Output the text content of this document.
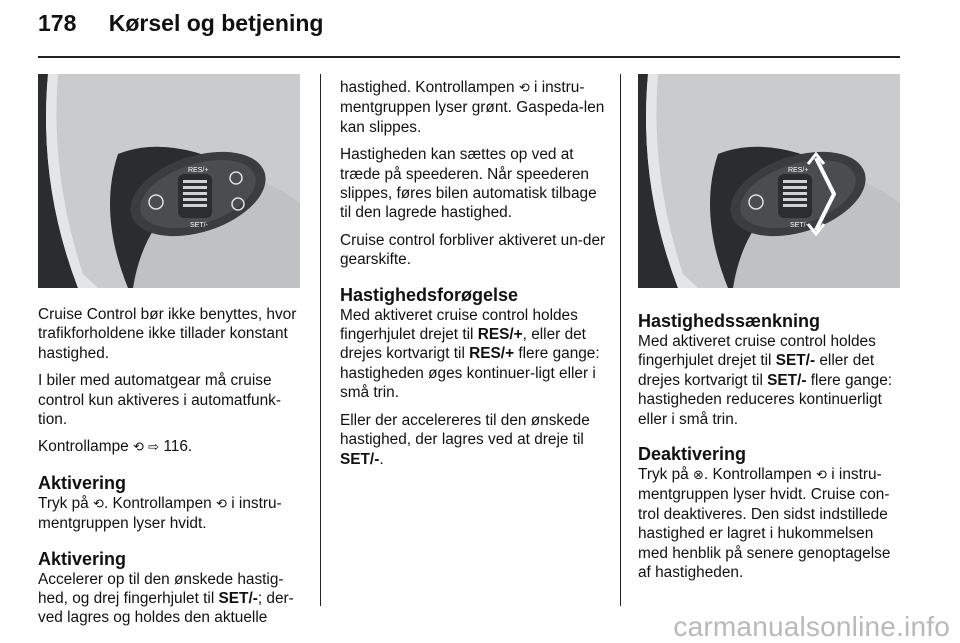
178 Kørsel og betjening
RES/+
SET/-
RES/+
SET/-

Cruise Control bør ikke benyttes, hvor trafikforholdene ikke tillader konstant hastighed.

I biler med automatgear må cruise control kun aktiveres i automatfunk-tion.

Kontrollampe ⟲ ⇨ 116.

Aktivering

Tryk på ⟲. Kontrollampen ⟲ i instru-mentgruppen lyser hvidt.

Aktivering

Accelerer op til den ønskede hastig-hed, og drej fingerhjulet til SET/-; der-ved lagres og holdes den aktuelle

hastighed. Kontrollampen ⟲ i instru-mentgruppen lyser grønt. Gaspeda-len kan slippes.

Hastigheden kan sættes op ved at træde på speederen. Når speederen slippes, føres bilen automatisk tilbage til den lagrede hastighed.

Cruise control forbliver aktiveret un-der gearskifte.

Hastighedsforøgelse

Med aktiveret cruise control holdes fingerhjulet drejet til RES/+, eller det drejes kortvarigt til RES/+ flere gange: hastigheden øges kontinuer-ligt eller i små trin.

Eller der accelereres til den ønskede hastighed, der lagres ved at dreje til SET/-.

Hastighedssænkning

Med aktiveret cruise control holdes fingerhjulet drejet til SET/- eller det drejes kortvarigt til SET/- flere gange: hastigheden reduceres kontinuerligt eller i små trin.

Deaktivering

Tryk på ⊗. Kontrollampen ⟲ i instru-mentgruppen lyser hvidt. Cruise con-trol deaktiveres. Den sidst indstillede hastighed er lagret i hukommelsen med henblik på senere genoptagelse af hastigheden.

carmanualsonline.info
